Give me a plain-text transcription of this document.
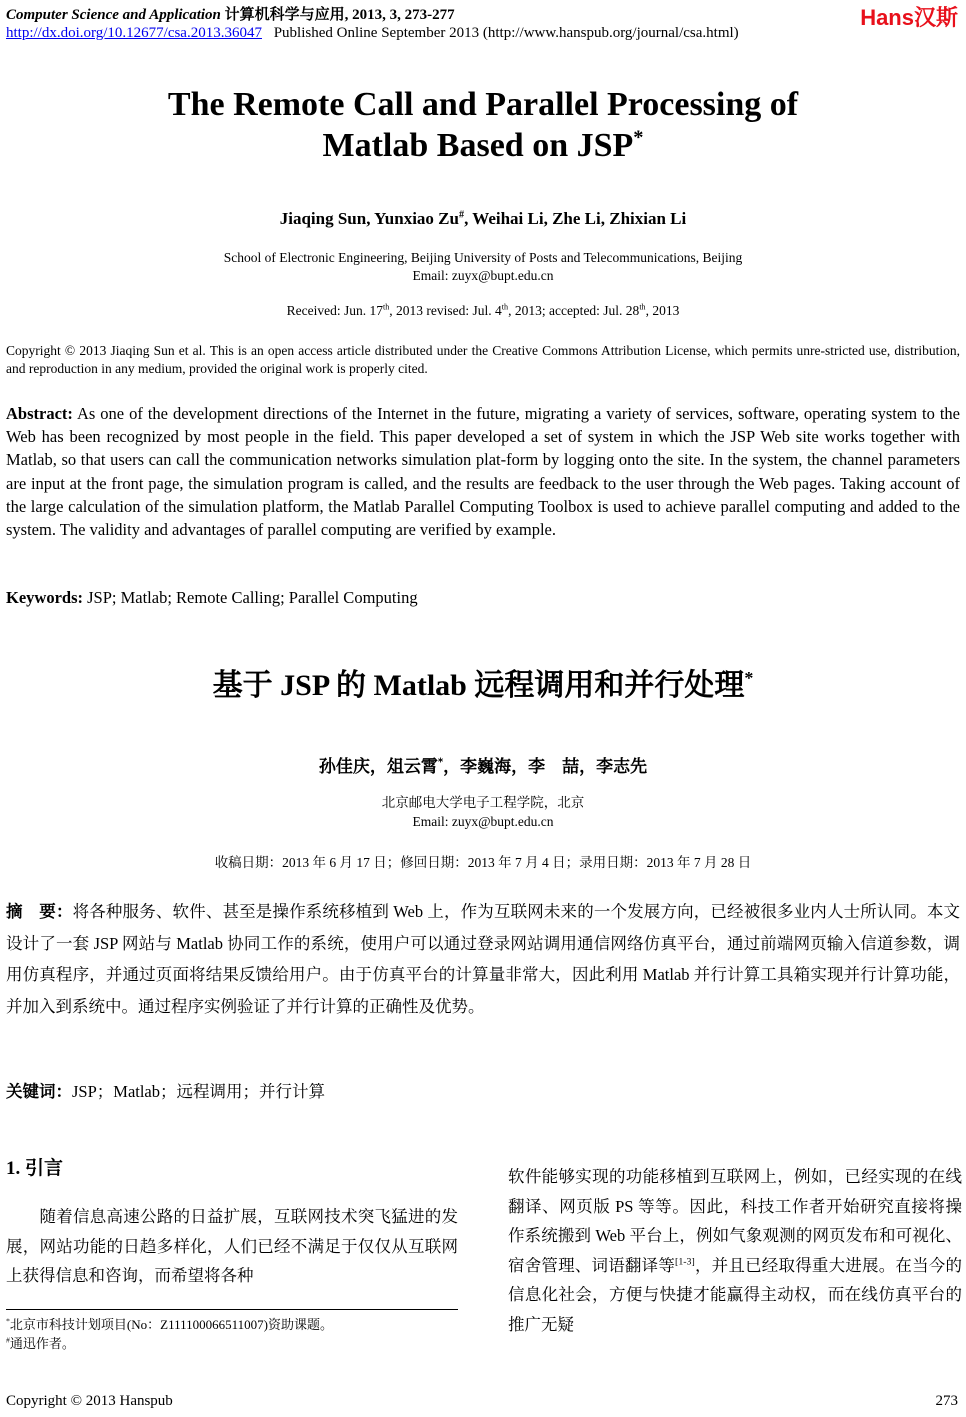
Computer Science and Application 计算机科学与应用, 2013, 3, 273-277	Hans汉斯
http://dx.doi.org/10.12677/csa.2013.36047 Published Online September 2013 (http://www.hanspub.org/journal/csa.html)
The Remote Call and Parallel Processing of
Matlab Based on JSP*
Jiaqing Sun, Yunxiao Zu#, Weihai Li, Zhe Li, Zhixian Li
School of Electronic Engineering, Beijing University of Posts and Telecommunications, Beijing
Email: zuyx@bupt.edu.cn
Received: Jun. 17th, 2013 revised: Jul. 4th, 2013; accepted: Jul. 28th, 2013
Copyright © 2013 Jiaqing Sun et al. This is an open access article distributed under the Creative Commons Attribution License, which permits unre-stricted use, distribution, and reproduction in any medium, provided the original work is properly cited.
Abstract: As one of the development directions of the Internet in the future, migrating a variety of services, software, operating system to the Web has been recognized by most people in the field. This paper developed a set of system in which the JSP Web site works together with Matlab, so that users can call the communication networks simulation plat-form by logging onto the site. In the system, the channel parameters are input at the front page, the simulation program is called, and the results are feedback to the user through the Web pages. Taking account of the large calculation of the simulation platform, the Matlab Parallel Computing Toolbox is used to achieve parallel computing and added to the system. The validity and advantages of parallel computing are verified by example.
Keywords: JSP; Matlab; Remote Calling; Parallel Computing
基于 JSP 的 Matlab 远程调用和并行处理*
孙佳庆，俎云霄*，李巍海，李　喆，李志先
北京邮电大学电子工程学院，北京
Email: zuyx@bupt.edu.cn
收稿日期：2013 年 6 月 17 日；修回日期：2013 年 7 月 4 日；录用日期：2013 年 7 月 28 日
摘　要：将各种服务、软件、甚至是操作系统移植到 Web 上，作为互联网未来的一个发展方向，已经被很多业内人士所认同。本文设计了一套 JSP 网站与 Matlab 协同工作的系统，使用户可以通过登录网站调用通信网络仿真平台，通过前端网页输入信道参数，调用仿真程序，并通过页面将结果反馈给用户。由于仿真平台的计算量非常大，因此利用 Matlab 并行计算工具箱实现并行计算功能，并加入到系统中。通过程序实例验证了并行计算的正确性及优势。
关键词：JSP；Matlab；远程调用；并行计算
1. 引言
　　随着信息高速公路的日益扩展，互联网技术突飞猛进的发展，网站功能的日趋多样化，人们已经不满足于仅仅从互联网上获得信息和咨询，而希望将各种
软件能够实现的功能移植到互联网上，例如，已经实现的在线翻译、网页版 PS 等等。因此，科技工作者开始研究直接将操作系统搬到 Web 平台上，例如气象观测的网页发布和可视化、宿舍管理、词语翻译等[1-3]，并且已经取得重大进展。在当今的信息化社会，方便与快捷才能赢得主动权，而在线仿真平台的推广无疑
*北京市科技计划项目(No：Z111100066511007)资助课题。
#通迅作者。
Copyright © 2013 Hanspub	273
